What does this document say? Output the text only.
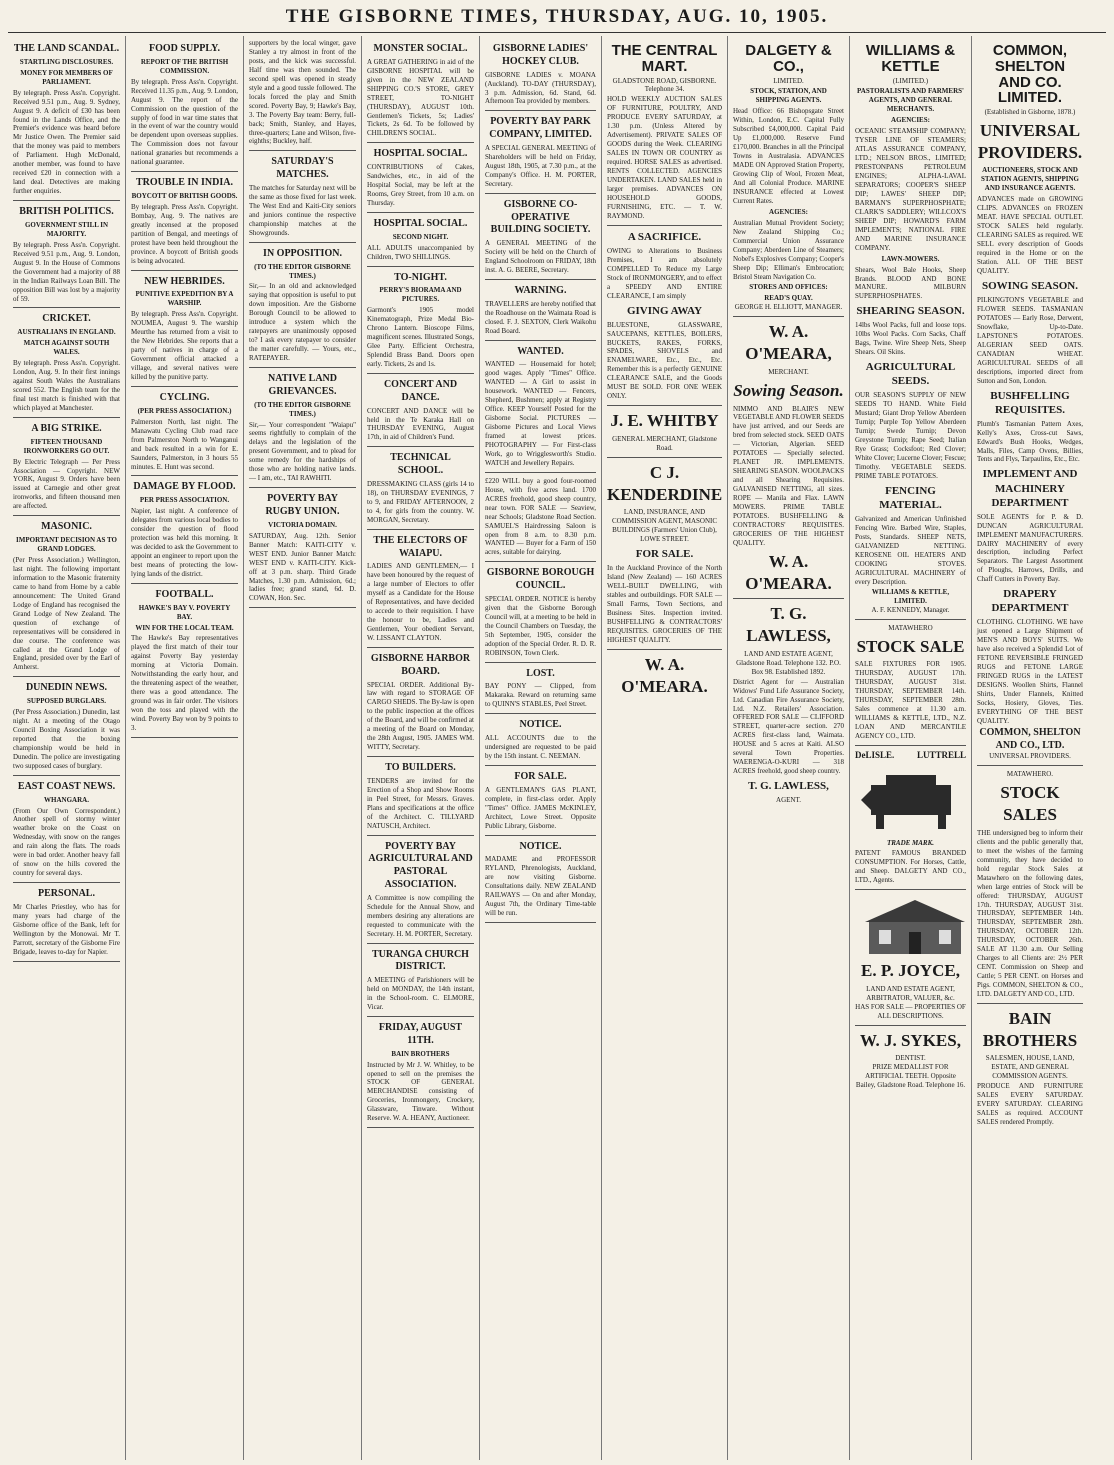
THE GISBORNE TIMES, THURSDAY, AUG. 10, 1905.
THE LAND SCANDAL.
STARTLING DISCLOSURES.
MONEY FOR MEMBERS OF PARLIAMENT.
By telegraph. Press Ass'n. Copyright. Received 9.51 p.m., Aug. 9. Sydney, August 9. A deficit of £30 has been found in the Lands Office, and the Premier's evidence was heard before Mr Justice Owen. The Premier said that the money was paid to members of Parliament. Hugh McDonald, another member, was found to have received £20 in connection with a land deal. Detectives are making further enquiries.
BRITISH POLITICS.
GOVERNMENT STILL IN MAJORITY.
By telegraph. Press Ass'n. Copyright. Received 9.51 p.m., Aug. 9. London, August 9. In the House of Commons the Government had a majority of 88 in the Indian Railways Loan Bill. The opposition Bill was lost by a majority of 59.
CRICKET.
AUSTRALIANS IN ENGLAND.
MATCH AGAINST SOUTH WALES.
By telegraph. Press Ass'n. Copyright. London, Aug. 9. In their first innings against South Wales the Australians scored 552. The English team for the final test match is finished with that which played at Manchester.
A BIG STRIKE.
FIFTEEN THOUSAND IRONWORKERS GO OUT.
By Electric Telegraph — Per Press Association — Copyright. NEW YORK, August 9. Orders have been issued at Carnegie and other great ironworks, and fifteen thousand men are affected.
MASONIC.
IMPORTANT DECISION AS TO GRAND LODGES.
(Per Press Association.) Wellington, last night. The following important information to the Masonic fraternity came to hand from Home by a cable announcement: The United Grand Lodge of England has recognised the Grand Lodge of New Zealand. The question of exchange of representatives will be considered in due course. The conference was called at the Grand Lodge of England, presided over by the Earl of Amherst.
DUNEDIN NEWS.
SUPPOSED BURGLARS.
(Per Press Association.) Dunedin, last night. At a meeting of the Otago Council Boxing Association it was reported that the boxing championship would be held in Dunedin. The police are investigating two supposed cases of burglary.
EAST COAST NEWS.
WHANGARA.
(From Our Own Correspondent.) Another spell of stormy winter weather broke on the Coast on Wednesday, with snow on the ranges and rain along the flats. The roads were in bad order. Another heavy fall of snow on the hills covered the country for several days.
PERSONAL.
Mr Charles Priestley, who has for many years had charge of the Gisborne office of the Bank, left for Wellington by the Monowai. Mr T. Parrott, secretary of the Gisborne Fire Brigade, leaves to-day for Napier.
FOOD SUPPLY.
REPORT OF THE BRITISH COMMISSION.
By telegraph. Press Ass'n. Copyright. Received 11.35 p.m., Aug. 9. London, August 9. The report of the Commission on the question of the supply of food in war time states that in the event of war the country would be dependent upon overseas supplies. The Commission does not favour national granaries but recommends a national guarantee.
TROUBLE IN INDIA.
BOYCOTT OF BRITISH GOODS.
By telegraph. Press Ass'n. Copyright. Bombay, Aug. 9. The natives are greatly incensed at the proposed partition of Bengal, and meetings of protest have been held throughout the province. A boycott of British goods is being advocated.
NEW HEBRIDES.
PUNITIVE EXPEDITION BY A WARSHIP.
By telegraph. Press Ass'n. Copyright. NOUMEA, August 9. The warship Meurthe has returned from a visit to the New Hebrides. She reports that a party of natives in charge of a Government official attacked a village, and several natives were killed by the punitive party.
CYCLING.
(PER PRESS ASSOCIATION.)
Palmerston North, last night. The Manawatu Cycling Club road race from Palmerston North to Wanganui and back resulted in a win for E. Saunders, Palmerston, in 3 hours 55 minutes. E. Hunt was second.
DAMAGE BY FLOOD.
PER PRESS ASSOCIATION.
Napier, last night. A conference of delegates from various local bodies to consider the question of flood protection was held this morning. It was decided to ask the Government to appoint an engineer to report upon the best means of protecting the low-lying lands of the district.
FOOTBALL.
HAWKE'S BAY V. POVERTY BAY.
WIN FOR THE LOCAL TEAM.
The Hawke's Bay representatives played the first match of their tour against Poverty Bay yesterday morning at Victoria Domain. Notwithstanding the early hour, and the threatening aspect of the weather, there was a good attendance. The ground was in fair order. The visitors won the toss and played with the wind. Poverty Bay won by 9 points to 3.
supporters by the local winger, gave Stanley a try almost in front of the posts, and the kick was successful. Half time was then sounded. The second spell was opened in steady style and a good tussle followed. The locals forced the play and Smith scored. Poverty Bay, 9; Hawke's Bay, 3. The Poverty Bay team: Berry, full-back; Smith, Stanley, and Hayes, three-quarters; Lane and Wilson, five-eighths; Buckley, half.
SATURDAY'S MATCHES.
The matches for Saturday next will be the same as those fixed for last week. The West End and Kaiti-City seniors and juniors continue the respective championship matches at the Showgrounds.
IN OPPOSITION.
(TO THE EDITOR GISBORNE TIMES.)
Sir,— In an old and acknowledged saying that opposition is useful to put down imposition. Are the Gisborne Borough Council to be allowed to introduce a system which the ratepayers are unanimously opposed to? I ask every ratepayer to consider the matter carefully. — Yours, etc., RATEPAYER.
NATIVE LAND GRIEVANCES.
(TO THE EDITOR GISBORNE TIMES.)
Sir,— Your correspondent "Waiapu" seems rightfully to complain of the delays and the legislation of the present Government, and to plead for some remedy for the hardships of those who are holding native lands. — I am, etc., TAI RAWHITI.
POVERTY BAY RUGBY UNION.
VICTORIA DOMAIN.
SATURDAY, Aug. 12th. Senior Banner Match: KAITI-CITY v. WEST END. Junior Banner Match: WEST END v. KAITI-CITY. Kick-off at 3 p.m. sharp. Third Grade Matches, 1.30 p.m. Admission, 6d.; ladies free; grand stand, 6d. D. COWAN, Hon. Sec.
MONSTER SOCIAL.
A GREAT GATHERING in aid of the GISBORNE HOSPITAL will be given in the NEW ZEALAND SHIPPING CO.'S STORE, GREY STREET, TO-NIGHT (THURSDAY), AUGUST 10th. Gentlemen's Tickets, 5s; Ladies' Tickets, 2s 6d. To be followed by CHILDREN'S SOCIAL.
HOSPITAL SOCIAL.
CONTRIBUTIONS of Cakes, Sandwiches, etc., in aid of the Hospital Social, may be left at the Rooms, Grey Street, from 10 a.m. on Thursday.
HOSPITAL SOCIAL.
SECOND NIGHT.
ALL ADULTS unaccompanied by Children, TWO SHILLINGS.
TO-NIGHT.
PERRY'S BIORAMA AND PICTURES.
Garmont's 1905 model Kinematograph, Prize Medal Bio-Chrono Lantern. Bioscope Films, magnificent scenes. Illustrated Songs, Glee Party. Efficient Orchestra, Splendid Brass Band. Doors open early. Tickets, 2s and 1s.
CONCERT AND DANCE.
CONCERT AND DANCE will be held in the Te Karaka Hall on THURSDAY EVENING, August 17th, in aid of Children's Fund.
TECHNICAL SCHOOL.
DRESSMAKING CLASS (girls 14 to 18), on THURSDAY EVENINGS, 7 to 9, and FRIDAY AFTERNOON, 2 to 4, for girls from the country. W. MORGAN, Secretary.
THE ELECTORS OF WAIAPU.
LADIES AND GENTLEMEN,— I have been honoured by the request of a large number of Electors to offer myself as a Candidate for the House of Representatives, and have decided to accede to their requisition. I have the honour to be, Ladies and Gentlemen, Your obedient Servant, W. LISSANT CLAYTON.
GISBORNE HARBOR BOARD.
SPECIAL ORDER. Additional By-law with regard to STORAGE OF CARGO SHEDS. The By-law is open to the public inspection at the offices of the Board, and will be confirmed at a meeting of the Board on Monday, the 28th August, 1905. JAMES WM. WITTY, Secretary.
TO BUILDERS.
TENDERS are invited for the Erection of a Shop and Show Rooms in Peel Street, for Messrs. Graves. Plans and specifications at the office of the Architect. C. TILLYARD NATUSCH, Architect.
POVERTY BAY AGRICULTURAL AND PASTORAL ASSOCIATION.
A Committee is now compiling the Schedule for the Annual Show, and members desiring any alterations are requested to communicate with the Secretary. H. M. PORTER, Secretary.
TURANGA CHURCH DISTRICT.
A MEETING of Parishioners will be held on MONDAY, the 14th instant, in the School-room. C. ELMORE, Vicar.
FRIDAY, AUGUST 11TH.
BAIN BROTHERS
Instructed by Mr J. W. Whitley, to be opened to sell on the premises the STOCK OF GENERAL MERCHANDISE consisting of Groceries, Ironmongery, Crockery, Glassware, Tinware. Without Reserve. W. A. HEANY, Auctioneer.
GISBORNE LADIES' HOCKEY CLUB.
GISBORNE LADIES v. MOANA (Auckland). TO-DAY (THURSDAY), 3 p.m. Admission, 6d. Stand, 6d. Afternoon Tea provided by members.
POVERTY BAY PARK COMPANY, LIMITED.
A SPECIAL GENERAL MEETING of Shareholders will be held on Friday, August 18th, 1905, at 7.30 p.m., at the Company's Office. H. M. PORTER, Secretary.
GISBORNE CO-OPERATIVE BUILDING SOCIETY.
A GENERAL MEETING of the Society will be held on the Church of England Schoolroom on FRIDAY, 18th inst. A. G. BEERE, Secretary.
WARNING.
TRAVELLERS are hereby notified that the Roadhouse on the Waimata Road is closed. F. J. SEXTON, Clerk Waikohu Road Board.
WANTED.
WANTED — Housemaid for hotel; good wages. Apply "Times" Office. WANTED — A Girl to assist in housework. WANTED — Fencers, Shepherd, Bushmen; apply at Registry Office. KEEP Yourself Posted for the Gisborne Social. PICTURES — Gisborne Pictures and Local Views framed at lowest prices. PHOTOGRAPHY — For First-class Work, go to Wrigglesworth's Studio. WATCH and Jewellery Repairs.
£220 WILL buy a good four-roomed House, with five acres land. 1700 ACRES freehold, good sheep country, near town. FOR SALE — Seaview, near Schools; Gladstone Road Section. SAMUEL'S Hairdressing Saloon is open from 8 a.m. to 8.30 p.m. WANTED — Buyer for a Farm of 150 acres, suitable for dairying.
GISBORNE BOROUGH COUNCIL.
SPECIAL ORDER. NOTICE is hereby given that the Gisborne Borough Council will, at a meeting to be held in the Council Chambers on Tuesday, the 5th September, 1905, consider the adoption of the Special Order. R. D. R. ROBINSON, Town Clerk.
LOST.
BAY PONY — Clipped, from Makaraka. Reward on returning same to QUINN'S STABLES, Peel Street.
NOTICE.
ALL ACCOUNTS due to the undersigned are requested to be paid by the 15th instant. C. NEEMAN.
FOR SALE.
A GENTLEMAN'S GAS PLANT, complete, in first-class order. Apply "Times" Office. JAMES McKINLEY, Architect, Lowe Street. Opposite Public Library, Gisborne.
NOTICE.
MADAME and PROFESSOR RYLAND, Phrenologists, Auckland, are now visiting Gisborne. Consultations daily. NEW ZEALAND RAILWAYS — On and after Monday, August 7th, the Ordinary Time-table will be run.
THE CENTRAL MART.
GLADSTONE ROAD, GISBORNE.
Telephone 34.
HOLD WEEKLY AUCTION SALES OF FURNITURE, POULTRY, AND PRODUCE EVERY SATURDAY, at 1.30 p.m. (Unless Altered by Advertisement). PRIVATE SALES OF GOODS during the Week. CLEARING SALES IN TOWN OR COUNTRY as required. HORSE SALES as advertised. RENTS COLLECTED. AGENCIES UNDERTAKEN. LAND SALES held in larger premises. ADVANCES ON HOUSEHOLD GOODS, FURNISHING, ETC. — T. W. RAYMOND.
A SACRIFICE.
OWING to Alterations to Business Premises, I am absolutely COMPELLED To Reduce my Large Stock of IRONMONGERY, and to effect a SPEEDY AND ENTIRE CLEARANCE, I am simply
GIVING AWAY
BLUESTONE, GLASSWARE, SAUCEPANS, KETTLES, BOILERS, BUCKETS, RAKES, FORKS, SPADES, SHOVELS and ENAMELWARE, Etc., Etc., Etc. Remember this is a perfectly GENUINE CLEARANCE SALE, and the Goods MUST BE SOLD. FOR ONE WEEK ONLY.
J. E. WHITBY
GENERAL MERCHANT, Gladstone Road.
C J. KENDERDINE
LAND, INSURANCE, AND COMMISSION AGENT, MASONIC BUILDINGS (Farmers' Union Club), LOWE STREET.
FOR SALE.
In the Auckland Province of the North Island (New Zealand) — 160 ACRES WELL-BUILT DWELLING, with stables and outbuildings. FOR SALE — Small Farms, Town Sections, and Business Sites. Inspection invited. BUSHFELLING & CONTRACTORS' REQUISITES. GROCERIES OF THE HIGHEST QUALITY.
W. A. O'MEARA.
DALGETY & CO.,
LIMITED.
STOCK, STATION, AND SHIPPING AGENTS.
Head Office: 66 Bishopsgate Street Within, London, E.C. Capital Fully Subscribed £4,000,000. Capital Paid Up £1,000,000. Reserve Fund £170,000. Branches in all the Principal Towns in Australasia. ADVANCES MADE ON Approved Station Property, Growing Clip of Wool, Frozen Meat, And all Colonial Produce. MARINE INSURANCE effected at Lowest Current Rates.
AGENCIES:
Australian Mutual Provident Society; New Zealand Shipping Co.; Commercial Union Assurance Company; Aberdeen Line of Steamers; Nobel's Explosives Company; Cooper's Sheep Dip; Elliman's Embrocation; Bristol Steam Navigation Co.
STORES AND OFFICES:
READ'S QUAY.
GEORGE H. ELLIOTT, MANAGER.
W. A. O'MEARA,
MERCHANT.
Sowing Season.
NIMMO AND BLAIR'S NEW VEGETABLE AND FLOWER SEEDS have just arrived, and our Seeds are bred from selected stock. SEED OATS — Victorian, Algerian. SEED POTATOES — Specially selected. PLANET JR. IMPLEMENTS. SHEARING SEASON. WOOLPACKS and all Shearing Requisites. GALVANISED NETTING, all sizes. ROPE — Manila and Flax. LAWN MOWERS. PRIME TABLE POTATOES. BUSHFELLING & CONTRACTORS' REQUISITES. GROCERIES OF THE HIGHEST QUALITY.
W. A. O'MEARA.
T. G. LAWLESS,
LAND AND ESTATE AGENT, Gladstone Road. Telephone 132. P.O. Box 98. Established 1892.
District Agent for — Australian Widows' Fund Life Assurance Society, Ltd. Canadian Fire Assurance Society, Ltd. N.Z. Retailers' Association. OFFERED FOR SALE — CLIFFORD STREET, quarter-acre section. 270 ACRES first-class land, Waimata. HOUSE and 5 acres at Kaiti. ALSO several Town Properties. WAERENGA-O-KURI — 318 ACRES freehold, good sheep country.
T. G. LAWLESS,
AGENT.
WILLIAMS & KETTLE
(LIMITED.)
PASTORALISTS AND FARMERS' AGENTS, AND GENERAL MERCHANTS.
AGENCIES:
OCEANIC STEAMSHIP COMPANY; TYSER LINE OF STEAMERS; ATLAS ASSURANCE COMPANY, LTD.; NELSON BROS., LIMITED; PRESTONPANS PETROLEUM ENGINES; ALPHA-LAVAL SEPARATORS; COOPER'S SHEEP DIP; LAWES' SHEEP DIP; BARMAN'S SUPERPHOSPHATE; CLARK'S SADDLERY; WILLCOX'S SHEEP DIP; HOWARD'S FARM IMPLEMENTS; NATIONAL FIRE AND MARINE INSURANCE COMPANY.
LAWN-MOWERS.
Shears, Wool Bale Hooks, Sheep Brands. BLOOD AND BONE MANURE. MILBURN SUPERPHOSPHATES.
SHEARING SEASON.
14lbs Wool Packs, full and loose tops. 10lbs Wool Packs. Corn Sacks, Chaff Bags, Twine. Wire Sheep Nets, Sheep Shears. Oil Skins.
AGRICULTURAL SEEDS.
OUR SEASON'S SUPPLY OF NEW SEEDS TO HAND. White Field Mustard; Giant Drop Yellow Aberdeen Turnip; Purple Top Yellow Aberdeen Turnip; Swede Turnip; Devon Greystone Turnip; Rape Seed; Italian Rye Grass; Cocksfoot; Red Clover; White Clover; Lucerne Clover; Fescue; Timothy. VEGETABLE SEEDS. PRIME TABLE POTATOES.
FENCING MATERIAL.
Galvanized and American Unfinished Fencing Wire. Barbed Wire, Staples, Posts, Standards. SHEEP NETS, GALVANIZED NETTING. KEROSENE OIL HEATERS AND COOKING STOVES. AGRICULTURAL MACHINERY of every Description.
WILLIAMS & KETTLE, LIMITED.
A. F. KENNEDY, Manager.
MATAWHERO
STOCK SALE
SALE FIXTURES FOR 1905. THURSDAY, AUGUST 17th. THURSDAY, AUGUST 31st. THURSDAY, SEPTEMBER 14th. THURSDAY, SEPTEMBER 28th. Sales commence at 11.30 a.m. WILLIAMS & KETTLE, LTD., N.Z. LOAN AND MERCANTILE AGENCY CO., LTD.
DeLISLE.	LUTTRELL
TRADE MARK.
PATENT FAMOUS BRANDED CONSUMPTION. For Horses, Cattle, and Sheep. DALGETY AND CO., LTD., Agents.
E. P. JOYCE,
LAND AND ESTATE AGENT, ARBITRATOR, VALUER, &c.
HAS FOR SALE — PROPERTIES OF ALL DESCRIPTIONS.
W. J. SYKES,
DENTIST.
PRIZE MEDALLIST FOR ARTIFICIAL TEETH. Opposite Bailey, Gladstone Road. Telephone 16.
COMMON, SHELTON AND CO. LIMITED.
(Established in Gisborne, 1878.)
UNIVERSAL PROVIDERS.
AUCTIONEERS, STOCK AND STATION AGENTS, SHIPPING AND INSURANCE AGENTS.
ADVANCES made on GROWING CLIPS. ADVANCES on FROZEN MEAT. HAVE SPECIAL OUTLET. STOCK SALES held regularly. CLEARING SALES as required. WE SELL every description of Goods required in the Home or on the Station. ALL OF THE BEST QUALITY.
SOWING SEASON.
PILKINGTON'S VEGETABLE and FLOWER SEEDS. TASMANIAN POTATOES — Early Rose, Derwent, Snowflake, Up-to-Date. LAPSTONE'S POTATOES. ALGERIAN SEED OATS. CANADIAN WHEAT. AGRICULTURAL SEEDS of all descriptions, imported direct from Sutton and Son, London.
BUSHFELLING REQUISITES.
Plumb's Tasmanian Pattern Axes, Kelly's Axes, Cross-cut Saws, Edward's Bush Hooks, Wedges, Malls, Files, Camp Ovens, Billies, Tents and Flys, Tarpaulins, Etc., Etc.
IMPLEMENT AND MACHINERY DEPARTMENT
SOLE AGENTS for P. & D. DUNCAN AGRICULTURAL IMPLEMENT MANUFACTURERS. DAIRY MACHINERY of every description, including Perfect Separators. The Largest Assortment of Ploughs, Harrows, Drills, and Chaff Cutters in Poverty Bay.
DRAPERY DEPARTMENT
CLOTHING. CLOTHING. WE have just opened a Large Shipment of MEN'S AND BOYS' SUITS. We have also received a Splendid Lot of FETONE REVERSIBLE FRINGED RUGS and FETONE LARGE FRINGED RUGS in the LATEST DESIGNS. Woollen Shirts, Flannel Shirts, Under Flannels, Knitted Socks, Hosiery, Gloves, Ties. EVERYTHING OF THE BEST QUALITY.
COMMON, SHELTON AND CO., LTD.
UNIVERSAL PROVIDERS.
MATAWHERO.
STOCK SALES
THE undersigned beg to inform their clients and the public generally that, to meet the wishes of the farming community, they have decided to hold regular Stock Sales at Matawhero on the following dates, when large entries of Stock will be offered: THURSDAY, AUGUST 17th. THURSDAY, AUGUST 31st. THURSDAY, SEPTEMBER 14th. THURSDAY, SEPTEMBER 28th. THURSDAY, OCTOBER 12th. THURSDAY, OCTOBER 26th. SALE AT 11.30 a.m. Our Selling Charges to all Clients are: 2½ PER CENT. Commission on Sheep and Cattle; 5 PER CENT. on Horses and Pigs. COMMON, SHELTON & CO., LTD. DALGETY AND CO., LTD.
BAIN BROTHERS
SALESMEN, HOUSE, LAND, ESTATE, AND GENERAL COMMISSION AGENTS.
PRODUCE AND FURNITURE SALES EVERY SATURDAY. EVERY SATURDAY. CLEARING SALES as required. ACCOUNT SALES rendered Promptly.
